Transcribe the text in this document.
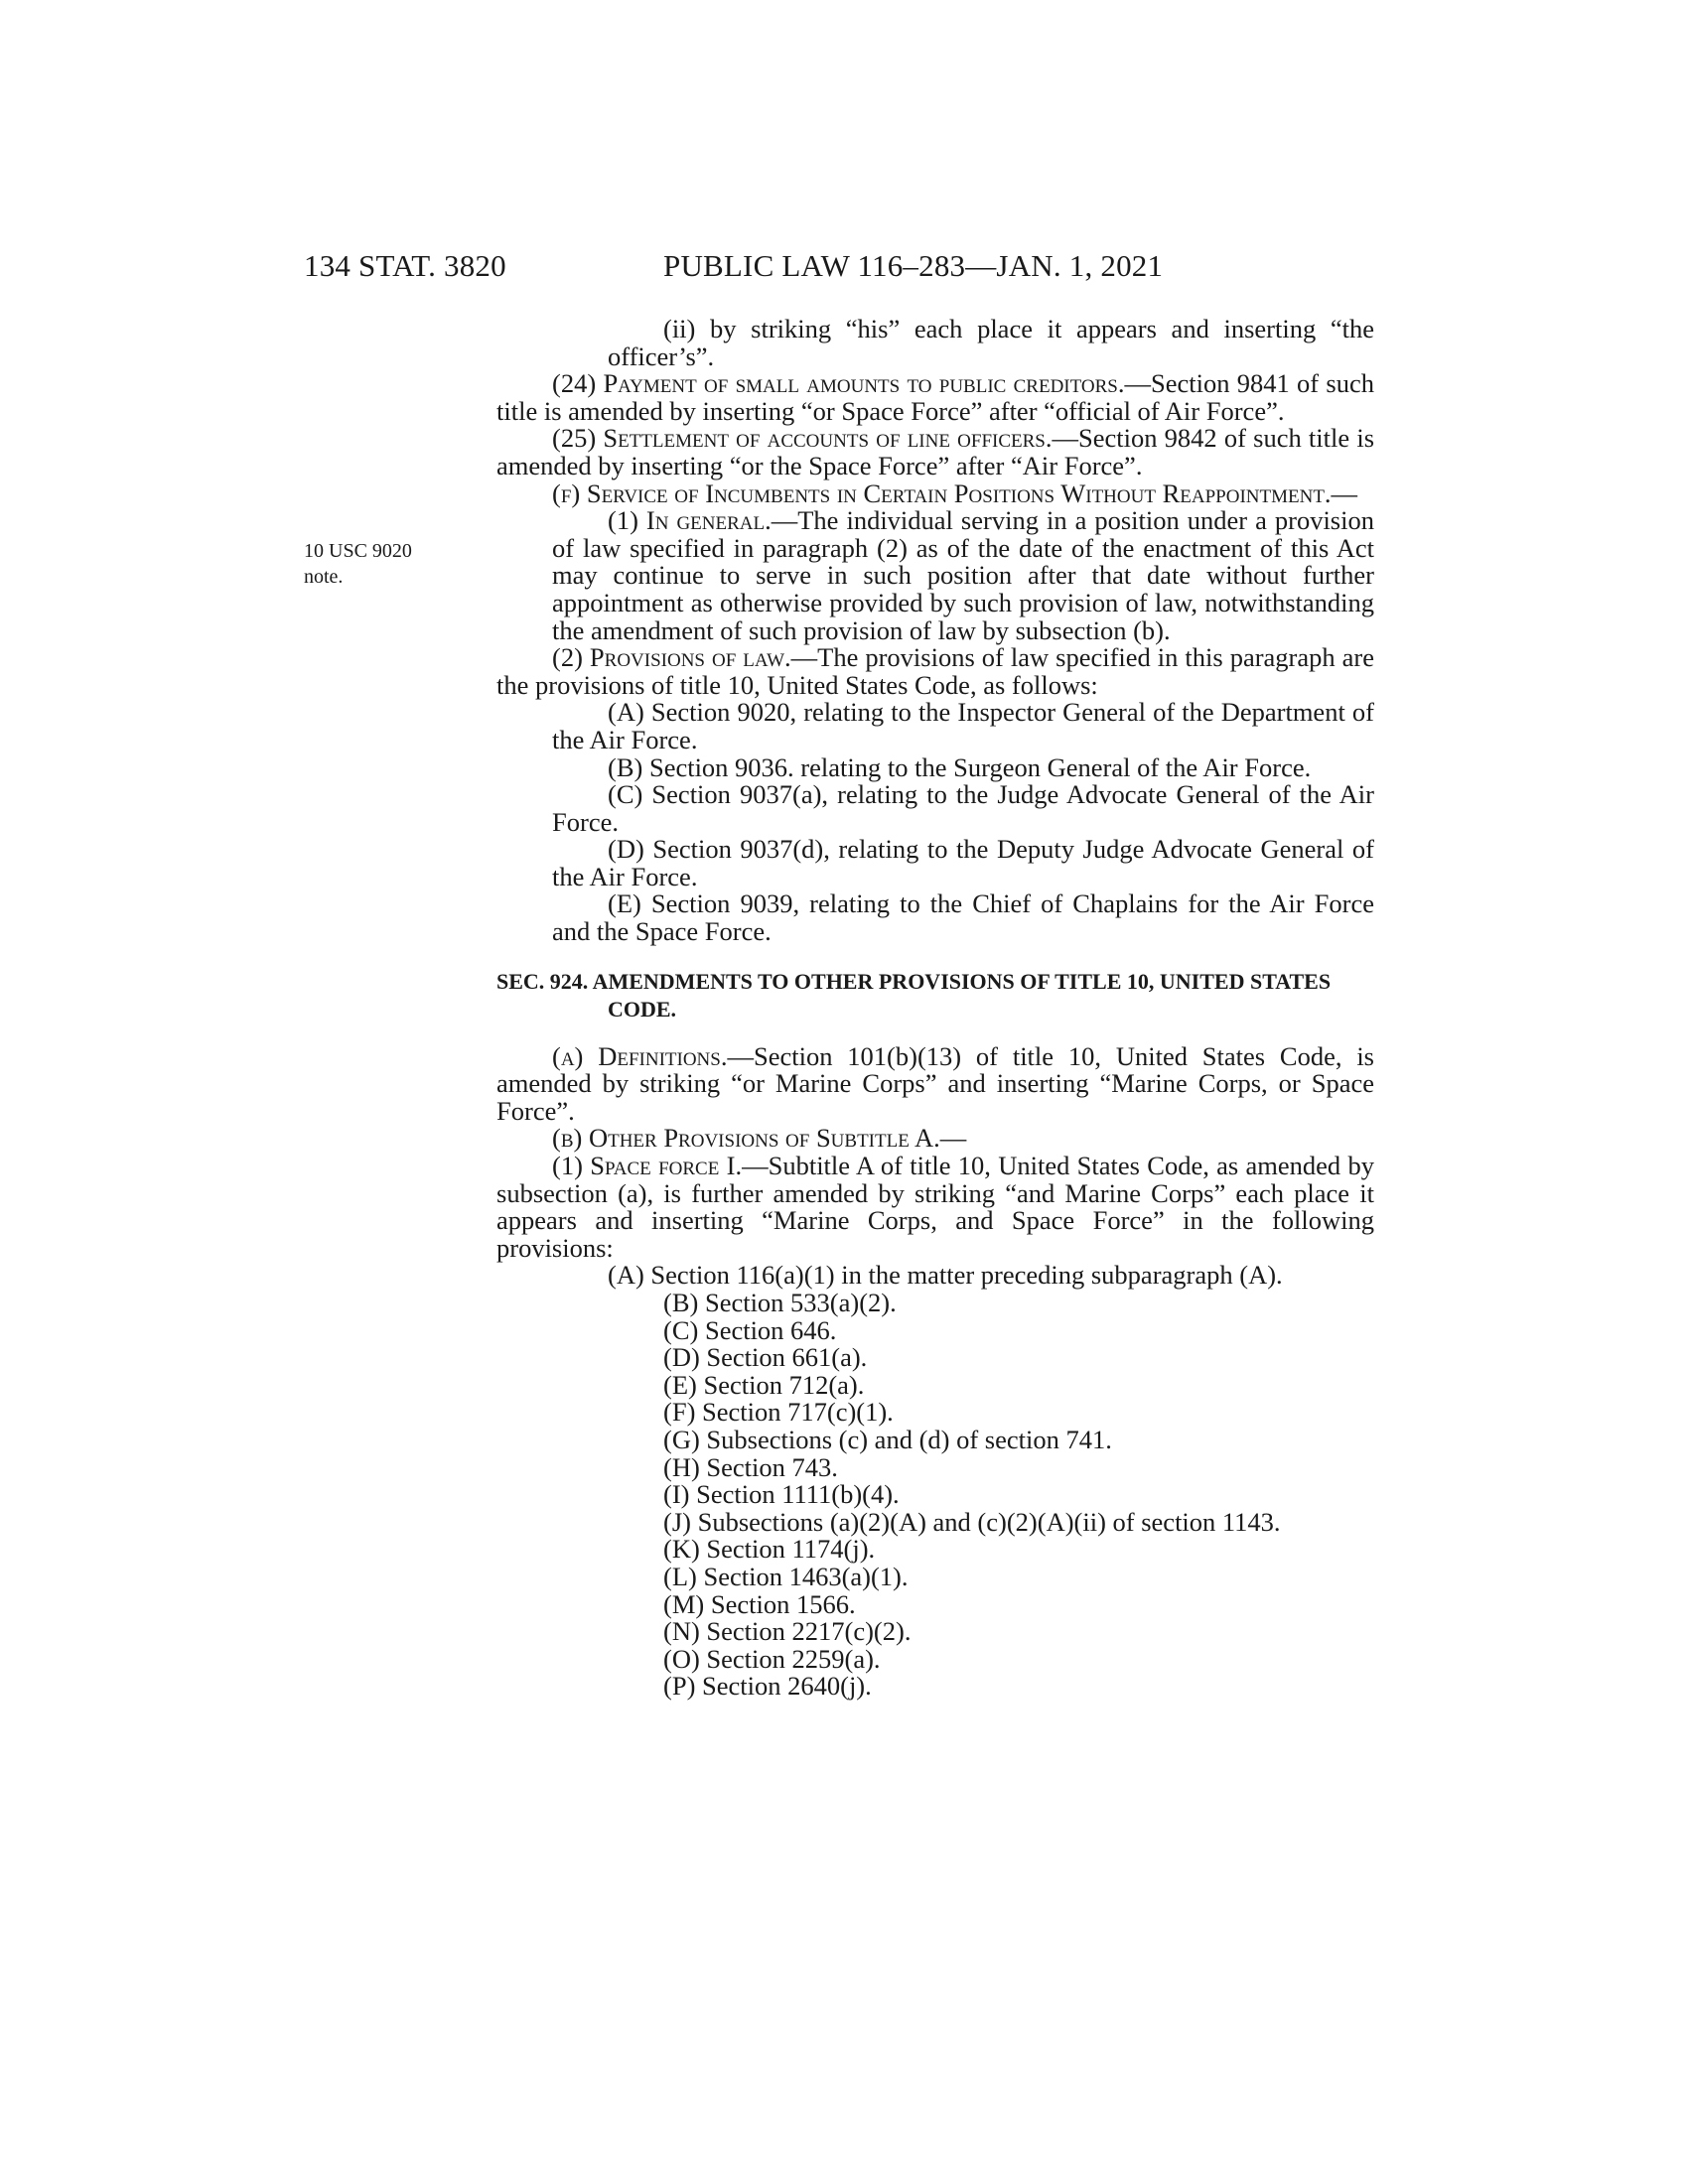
134 STAT. 3820	PUBLIC LAW 116–283—JAN. 1, 2021
10 USC 9020
note.

(ii) by striking “his” each place it appears and inserting “the officer’s”.

(24) Payment of small amounts to public creditors.—Section 9841 of such title is amended by inserting “or Space Force” after “official of Air Force”.

(25) Settlement of accounts of line officers.—Section 9842 of such title is amended by inserting “or the Space Force” after “Air Force”.

(f) Service of Incumbents in Certain Positions Without Reappointment.—

(1) In general.—The individual serving in a position under a provision of law specified in paragraph (2) as of the date of the enactment of this Act may continue to serve in such position after that date without further appointment as otherwise provided by such provision of law, notwithstanding the amendment of such provision of law by subsection (b).

(2) Provisions of law.—The provisions of law specified in this paragraph are the provisions of title 10, United States Code, as follows:

(A) Section 9020, relating to the Inspector General of the Department of the Air Force.

(B) Section 9036. relating to the Surgeon General of the Air Force.

(C) Section 9037(a), relating to the Judge Advocate General of the Air Force.

(D) Section 9037(d), relating to the Deputy Judge Advocate General of the Air Force.

(E) Section 9039, relating to the Chief of Chaplains for the Air Force and the Space Force.

SEC. 924. AMENDMENTS TO OTHER PROVISIONS OF TITLE 10, UNITED STATES CODE.

(a) Definitions.—Section 101(b)(13) of title 10, United States Code, is amended by striking “or Marine Corps” and inserting “Marine Corps, or Space Force”.

(b) Other Provisions of Subtitle A.—

(1) Space force I.—Subtitle A of title 10, United States Code, as amended by subsection (a), is further amended by striking “and Marine Corps” each place it appears and inserting “Marine Corps, and Space Force” in the following provisions:

(A) Section 116(a)(1) in the matter preceding subparagraph (A).

(B) Section 533(a)(2).

(C) Section 646.

(D) Section 661(a).

(E) Section 712(a).

(F) Section 717(c)(1).

(G) Subsections (c) and (d) of section 741.

(H) Section 743.

(I) Section 1111(b)(4).

(J) Subsections (a)(2)(A) and (c)(2)(A)(ii) of section 1143.

(K) Section 1174(j).

(L) Section 1463(a)(1).

(M) Section 1566.

(N) Section 2217(c)(2).

(O) Section 2259(a).

(P) Section 2640(j).
